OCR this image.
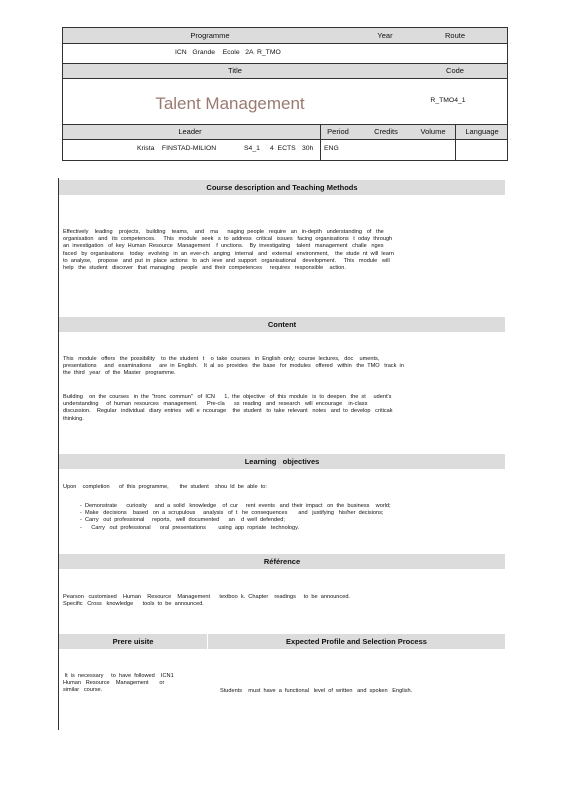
Programme	Year	Route
ICN   Grande    Ecole   2A  R_TMO
Title	Code
Talent Management	R_TMO4_1
Leader	Period	Credits	Volume	Language
Krista    FINSTAD-MILION	S4_1	4  ECTS 30h	ENG
Course description and Teaching Methods
Effectively    leading    projects,    building    teams,    and    ma      naging  people   require   an   in-depth   understanding   of   the
organisation   and   its  competences.     This   module   seek   s  to  address   critical   issues   facing  organisations   t  oday  through
an  investigation   of  key  Human  Resource   Management    f  unctions.    By  investigating    talent   management   challe   nges
faced   by  organisations    today   evolving   in  an  ever-ch   anging   internal   and   external   environment,    the  stude  nt  will  learn
to  analyse,    propose   and  put  in  place  actions   to  ach  ieve  and  support   organisational    development.     This   module   will
help   the  student   discover   that  managing    people   and  their  competences     requires   responsible    action.
Content
This   module   offers   the  possibility    to  the  student   t    o  take  courses   in  English  only;  course  lectures,   doc    uments,
presentations     and   examinations     are  in  English.    It  al  so  provides   the  base   for  modules   offered   within   the  TMO   track  in
the  third   year   of  the  Master   programme.
Building    on  the  courses   in  the  "tronc  commun"   of  ICN      1,  the  objective   of  this  module   is  to  deepen   the  st     udent's
understanding     of  human  resources   management.      Pre-cla      ss  reading   and  research   will  encourage    in-class
discussion.    Regular   individual   diary  entries   will  e  ncourage    the  student   to  take  relevant   notes   and  to  develop   criticak
thinking.
Learning   objectives
Upon    completion      of  this  programme,       the  student    shou  ld  be  able  to:
-  Demonstrate      curiosity     and  a  solid   knowledge    of  cur     rent  events   and  their  impact   on  the  business    world;
-  Make   decisions    based   on  a  scrupulous     analysis   of  t   he  consequences       and   justifying   his/her  decisions;
-  Carry   out  professional     reports,   well  documented      an    d  well  defended;
-      Carry   out  professional      oral  presentations        using  app  ropriate   technology.
Référence
Pearson   customised    Human    Resource    Management      textboo  k.  Chapter    readings     to  be  announced.
Specific   Cross   knowledge      tools  to  be  announced.
Prere uisite	Expected Profile and Selection Process
It  is  necessary     to  have  followed    ICN1
Human   Resource    Management       or
similar   course.	Students    must  have  a  functional   level  of  written   and  spoken   English.
